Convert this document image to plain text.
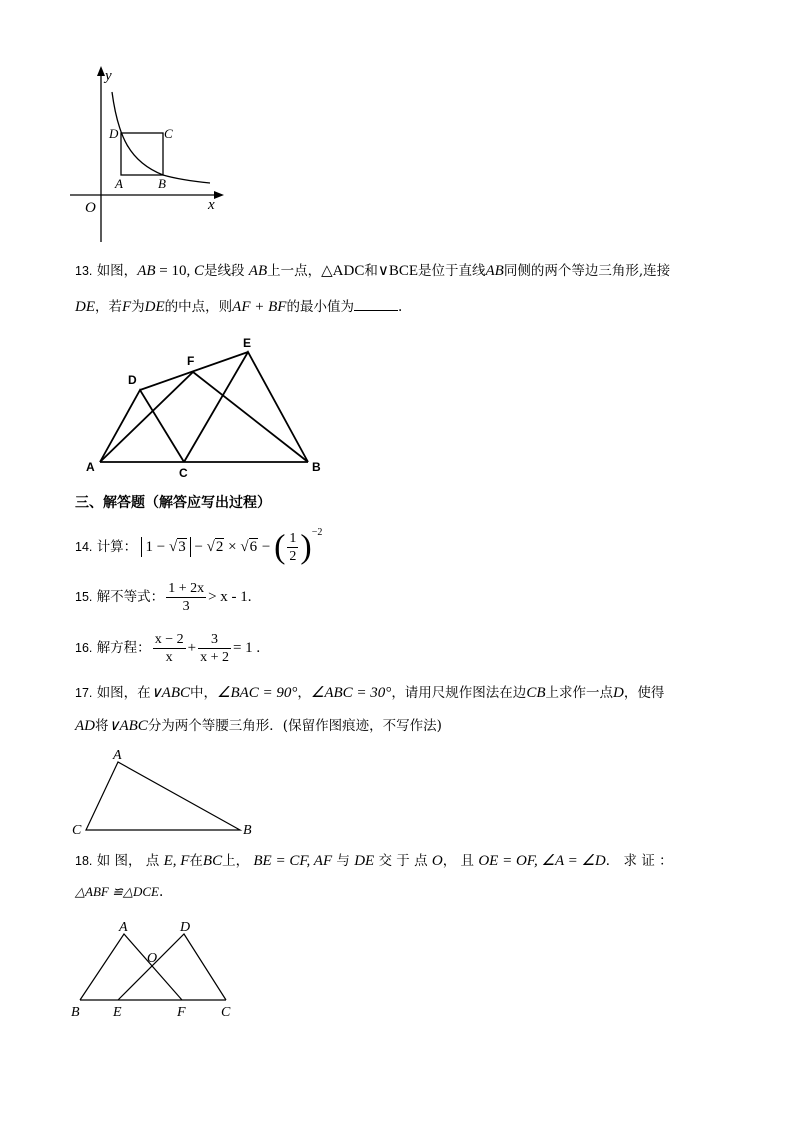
y
x
O
A	B
C
D
13. 如图，AB = 10, C是线段 AB上一点，△ADC和∨BCE是位于直线AB同侧的两个等边三角形,连接
DE，若F为DE的中点，则AF + BF的最小值为	.
A	B
C
D
E
F
三、解答题（解答应写出过程）
14. 计算： 1 − √3 − √2 × √6 − ( $\frac{1}{2} )^{-2}$
15. 解不等式： $\frac{1 + 2x}{3} > x - 1$.
16. 解方程： $\frac{x - 2}{x} + \frac{3}{x + 2} = 1$ .
17. 如图，在∨ABC中，∠BAC = 90°，∠ABC = 30°，请用尺规作图法在边CB上求作一点D，使得
AD将∨ABC分为两个等腰三角形．(保留作图痕迹，不写作法)
A
C	B
18. 如 图， 点 E, F在BC上， BE = CF, AF 与 DE 交 于 点 O， 且 OE = OF, ∠A = ∠D． 求 证 ：
△ABF ≌△DCE.
A	D
O
B E	F	C
